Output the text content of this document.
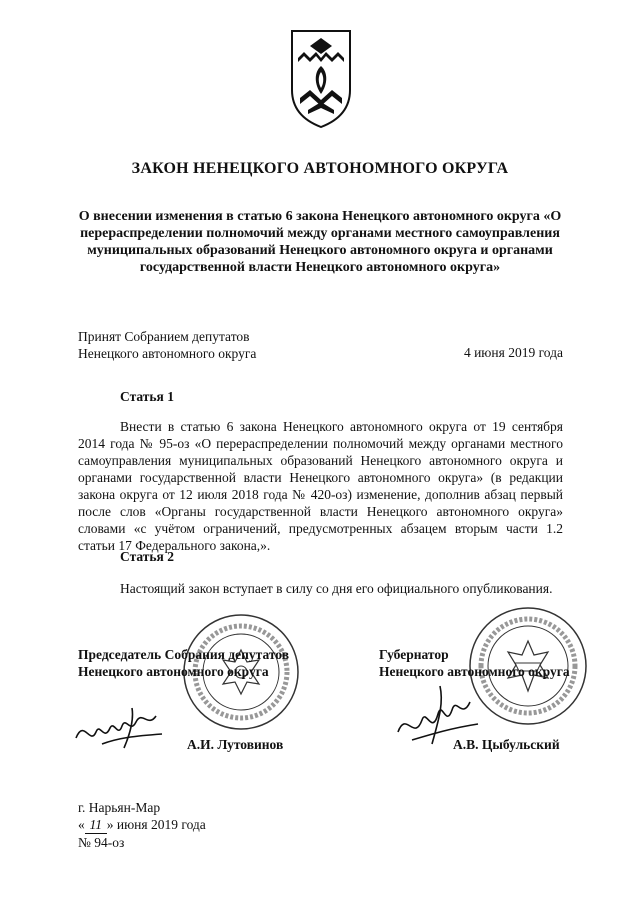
ЗАКОН НЕНЕЦКОГО АВТОНОМНОГО ОКРУГА
О внесении изменения в статью 6 закона Ненецкого автономного округа «О перераспределении полномочий между органами местного самоуправления муниципальных образований Ненецкого автономного округа и органами государственной власти Ненецкого автономного округа»
Принят Собранием депутатов
Ненецкого автономного округа	4 июня 2019 года
Статья 1
Внести в статью 6 закона Ненецкого автономного округа от 19 сентября 2014 года № 95-оз «О перераспределении полномочий между органами местного самоуправления муниципальных образований Ненецкого автономного округа и органами государственной власти Ненецкого автономного округа» (в редакции закона округа от 12 июля 2018 года № 420-оз) изменение, дополнив абзац первый после слов «Органы государственной власти Ненецкого автономного округа» словами «с учётом ограничений, предусмотренных абзацем вторым части 1.2 статьи 17 Федерального закона,».
Статья 2
Настоящий закон вступает в силу со дня его официального опубликования.
Председатель Собрания депутатов
Ненецкого автономного округа
Губернатор
Ненецкого автономного округа
А.И. Лутовинов	А.В. Цыбульский
г. Нарьян-Мар
« 11 » июня 2019 года
№ 94-оз
